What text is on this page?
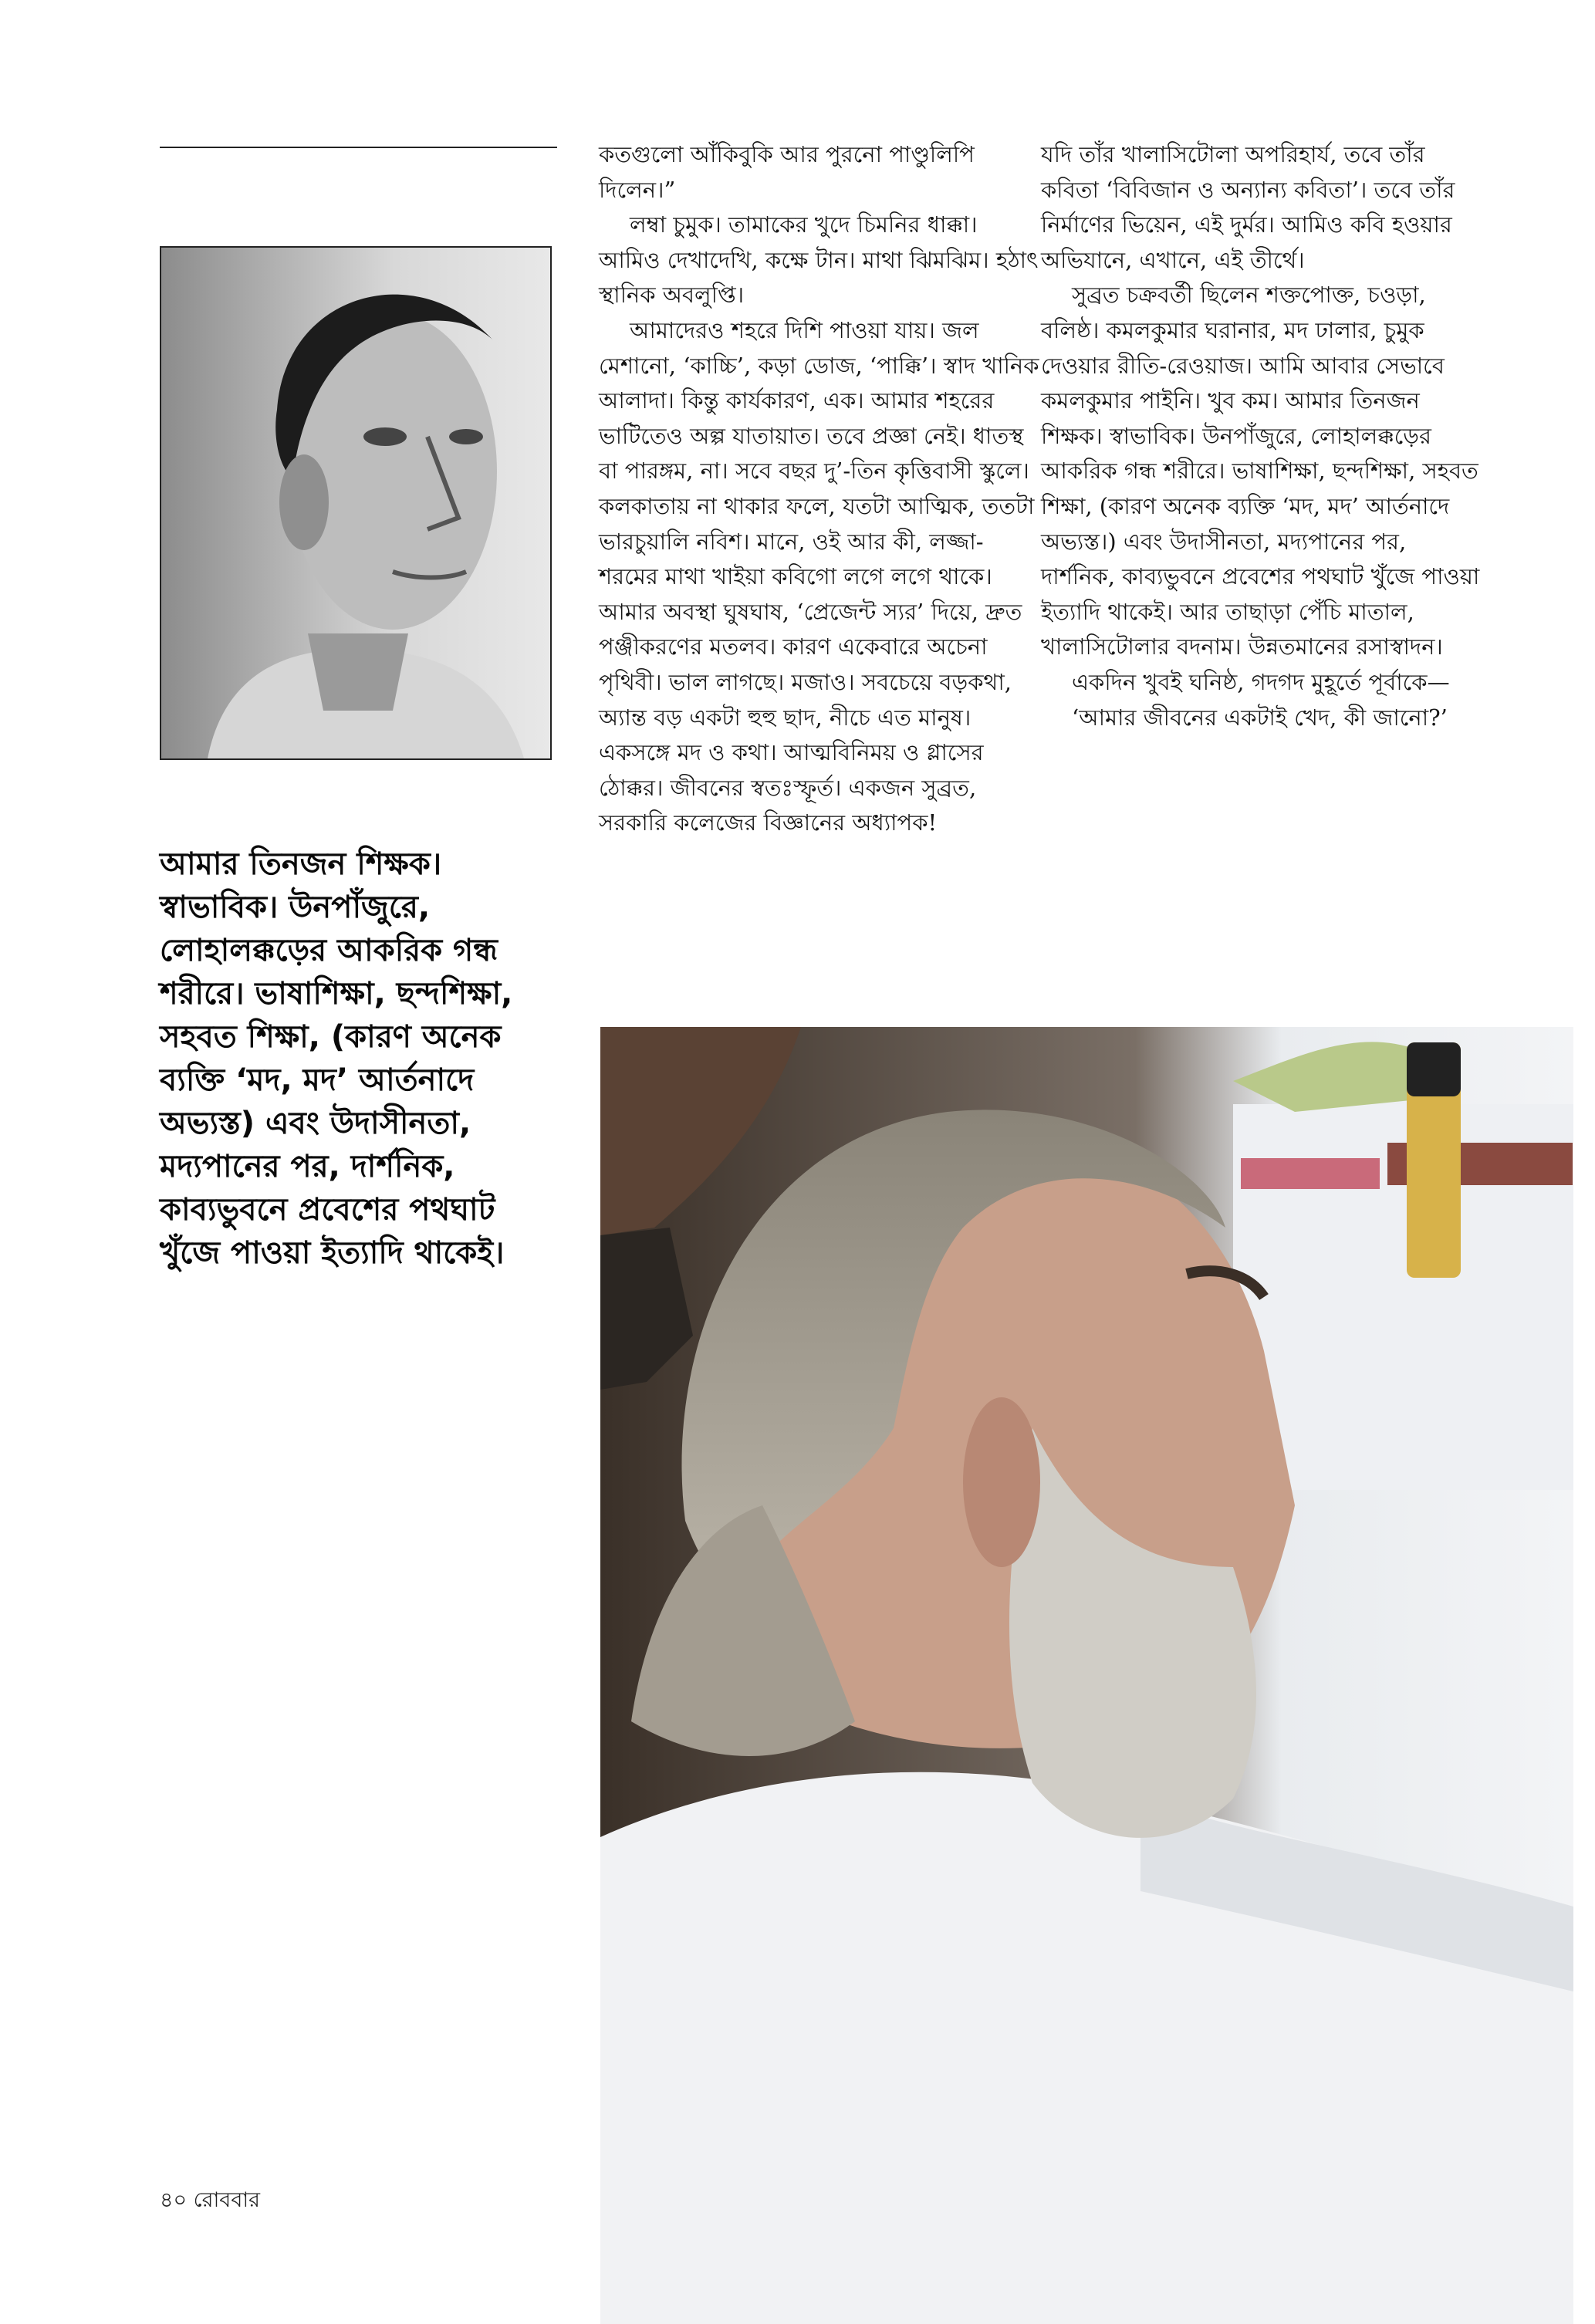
কতগুলো আঁকিবুকি আর পুরনো পাণ্ডুলিপি দিলেন।”

লম্বা চুমুক। তামাকের খুদে চিমনির ধাক্কা। আমিও দেখাদেখি, কক্ষে টান। মাথা ঝিমঝিম। হঠাৎ স্থানিক অবলুপ্তি।

আমাদেরও শহরে দিশি পাওয়া যায়। জল মেশানো, ‘কাচ্চি’, কড়া ডোজ, ‘পাক্কি’। স্বাদ খানিক আলাদা। কিন্তু কার্যকারণ, এক। আমার শহরের ভাটিতেও অল্প যাতায়াত। তবে প্রজ্ঞা নেই। ধাতস্থ বা পারঙ্গম, না। সবে বছর দু’-তিন কৃত্তিবাসী স্কুলে। কলকাতায় না থাকার ফলে, যতটা আত্মিক, ততটা ভারচুয়ালি নবিশ। মানে, ওই আর কী, লজ্জা-শরমের মাথা খাইয়া কবিগো লগে লগে থাকে। আমার অবস্থা ঘুষঘাষ, ‘প্রেজেন্ট স্যর’ দিয়ে, দ্রুত পঞ্জীকরণের মতলব। কারণ একেবারে অচেনা পৃথিবী। ভাল লাগছে। মজাও। সবচেয়ে বড়কথা, অ্যান্ত বড় একটা হুহু ছাদ, নীচে এত মানুষ। একসঙ্গে মদ ও কথা। আত্মবিনিময় ও গ্লাসের ঠোক্কর। জীবনের স্বতঃস্ফূর্ত। একজন সুব্রত, সরকারি কলেজের বিজ্ঞানের অধ্যাপক!

যদি তাঁর খালাসিটোলা অপরিহার্য, তবে তাঁর কবিতা ‘বিবিজান ও অন্যান্য কবিতা’। তবে তাঁর নির্মাণের ভিয়েন, এই দুর্মর। আমিও কবি হওয়ার অভিযানে, এখানে, এই তীর্থে।

সুব্রত চক্রবর্তী ছিলেন শক্তপোক্ত, চওড়া, বলিষ্ঠ। কমলকুমার ঘরানার, মদ ঢালার, চুমুক দেওয়ার রীতি-রেওয়াজ। আমি আবার সেভাবে কমলকুমার পাইনি। খুব কম। আমার তিনজন শিক্ষক। স্বাভাবিক। উনপাঁজুরে, লোহালক্কড়ের আকরিক গন্ধ শরীরে। ভাষাশিক্ষা, ছন্দশিক্ষা, সহবত শিক্ষা, (কারণ অনেক ব্যক্তি ‘মদ, মদ’ আর্তনাদে অভ্যস্ত।) এবং উদাসীনতা, মদ্যপানের পর, দার্শনিক, কাব্যভুবনে প্রবেশের পথঘাট খুঁজে পাওয়া ইত্যাদি থাকেই। আর তাছাড়া পেঁচি মাতাল, খালাসিটোলার বদনাম। উন্নতমানের রসাস্বাদন।

একদিন খুবই ঘনিষ্ঠ, গদগদ মুহূর্তে পূর্বাকে—

‘আমার জীবনের একটাই খেদ, কী জানো?’

আমার তিনজন শিক্ষক। স্বাভাবিক। উনপাঁজুরে, লোহালক্কড়ের আকরিক গন্ধ শরীরে। ভাষাশিক্ষা, ছন্দশিক্ষা, সহবত শিক্ষা, (কারণ অনেক ব্যক্তি ‘মদ, মদ’ আর্তনাদে অভ্যস্ত) এবং উদাসীনতা, মদ্যপানের পর, দার্শনিক, কাব্যভুবনে প্রবেশের পথঘাট খুঁজে পাওয়া ইত্যাদি থাকেই।
৪০ রোববার
